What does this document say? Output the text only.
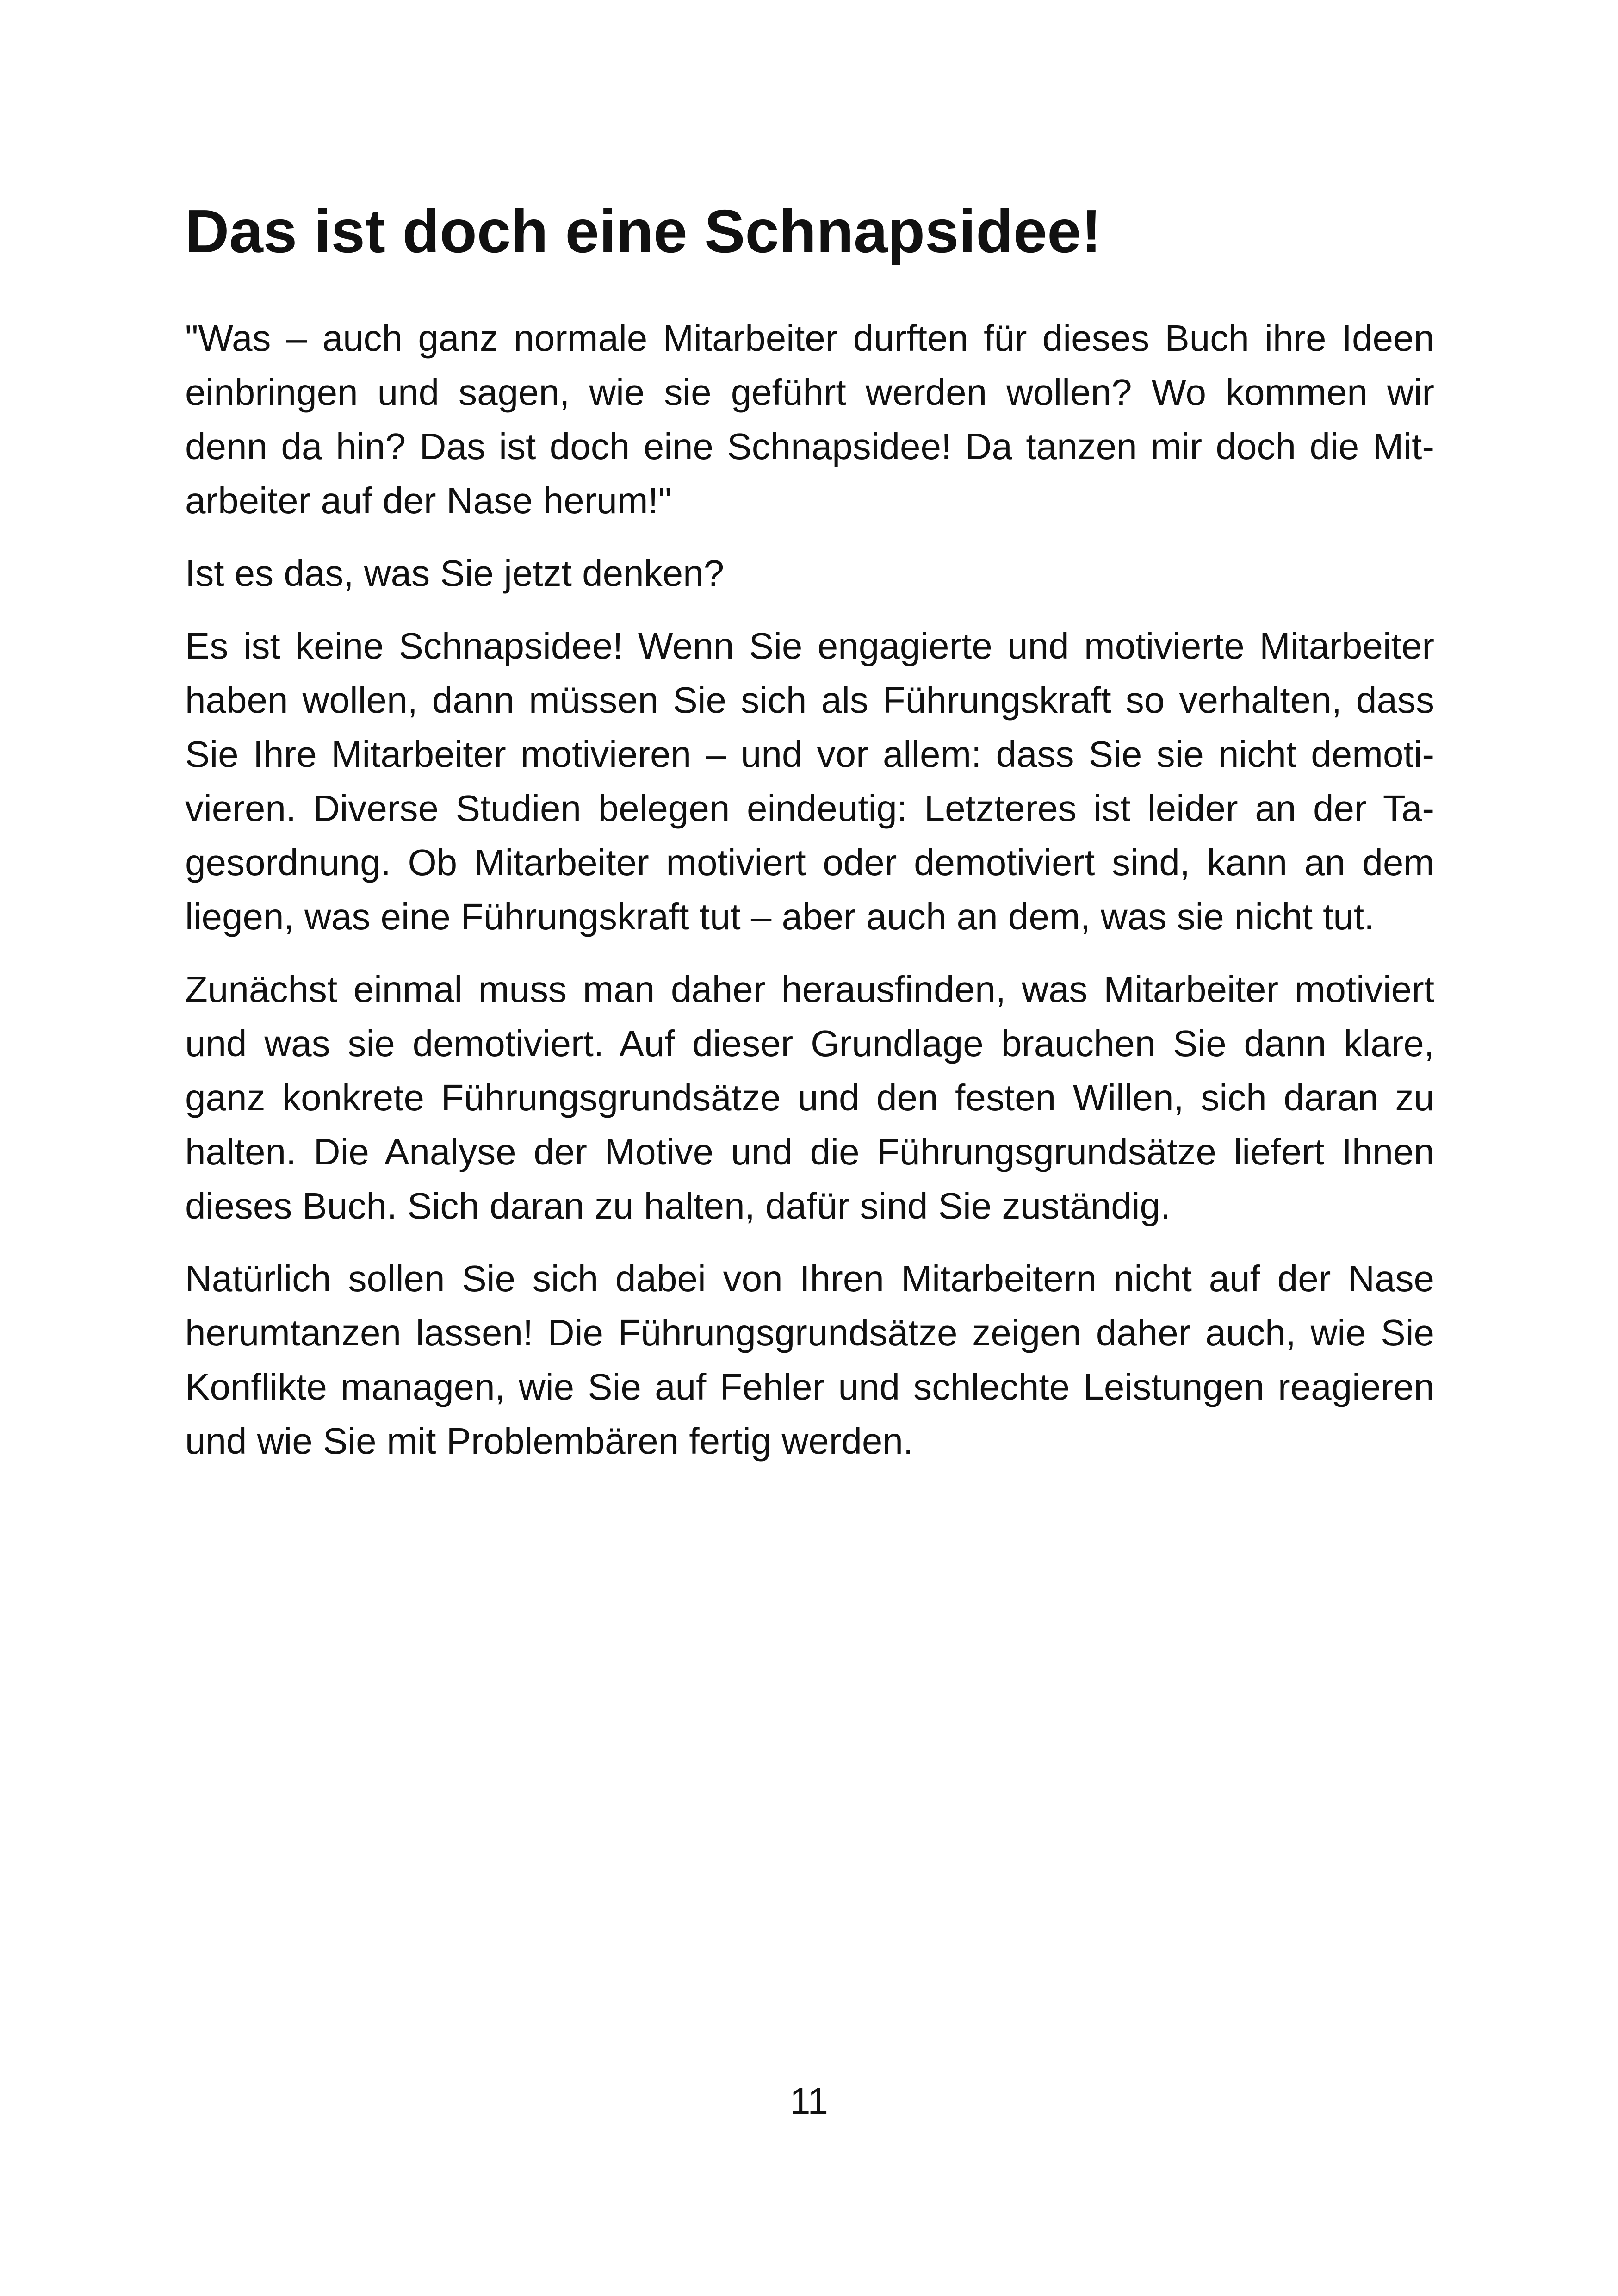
Das ist doch eine Schnapsidee!

"Was – auch ganz normale Mitarbeiter durften für dieses Buch ihre Ideen einbringen und sagen, wie sie geführt werden wollen? Wo kommen wir denn da hin? Das ist doch eine Schnapsidee! Da tanzen mir doch die Mitarbeiter auf der Nase herum!"

Ist es das, was Sie jetzt denken?

Es ist keine Schnapsidee! Wenn Sie engagierte und motivierte Mitarbeiter haben wollen, dann müssen Sie sich als Führungskraft so verhalten, dass Sie Ihre Mitarbeiter motivieren – und vor allem: dass Sie sie nicht demotivieren. Diverse Studien belegen eindeutig: Letzteres ist leider an der Tagesordnung. Ob Mitarbeiter motiviert oder demotiviert sind, kann an dem liegen, was eine Führungskraft tut – aber auch an dem, was sie nicht tut.

Zunächst einmal muss man daher herausfinden, was Mitarbeiter motiviert und was sie demotiviert. Auf dieser Grundlage brauchen Sie dann klare, ganz konkrete Führungsgrundsätze und den festen Willen, sich daran zu halten. Die Analyse der Motive und die Führungsgrundsätze liefert Ihnen dieses Buch. Sich daran zu halten, dafür sind Sie zuständig.

Natürlich sollen Sie sich dabei von Ihren Mitarbeitern nicht auf der Nase herumtanzen lassen! Die Führungsgrundsätze zeigen daher auch, wie Sie Konflikte managen, wie Sie auf Fehler und schlechte Leistungen reagieren und wie Sie mit Problembären fertig werden.

11
